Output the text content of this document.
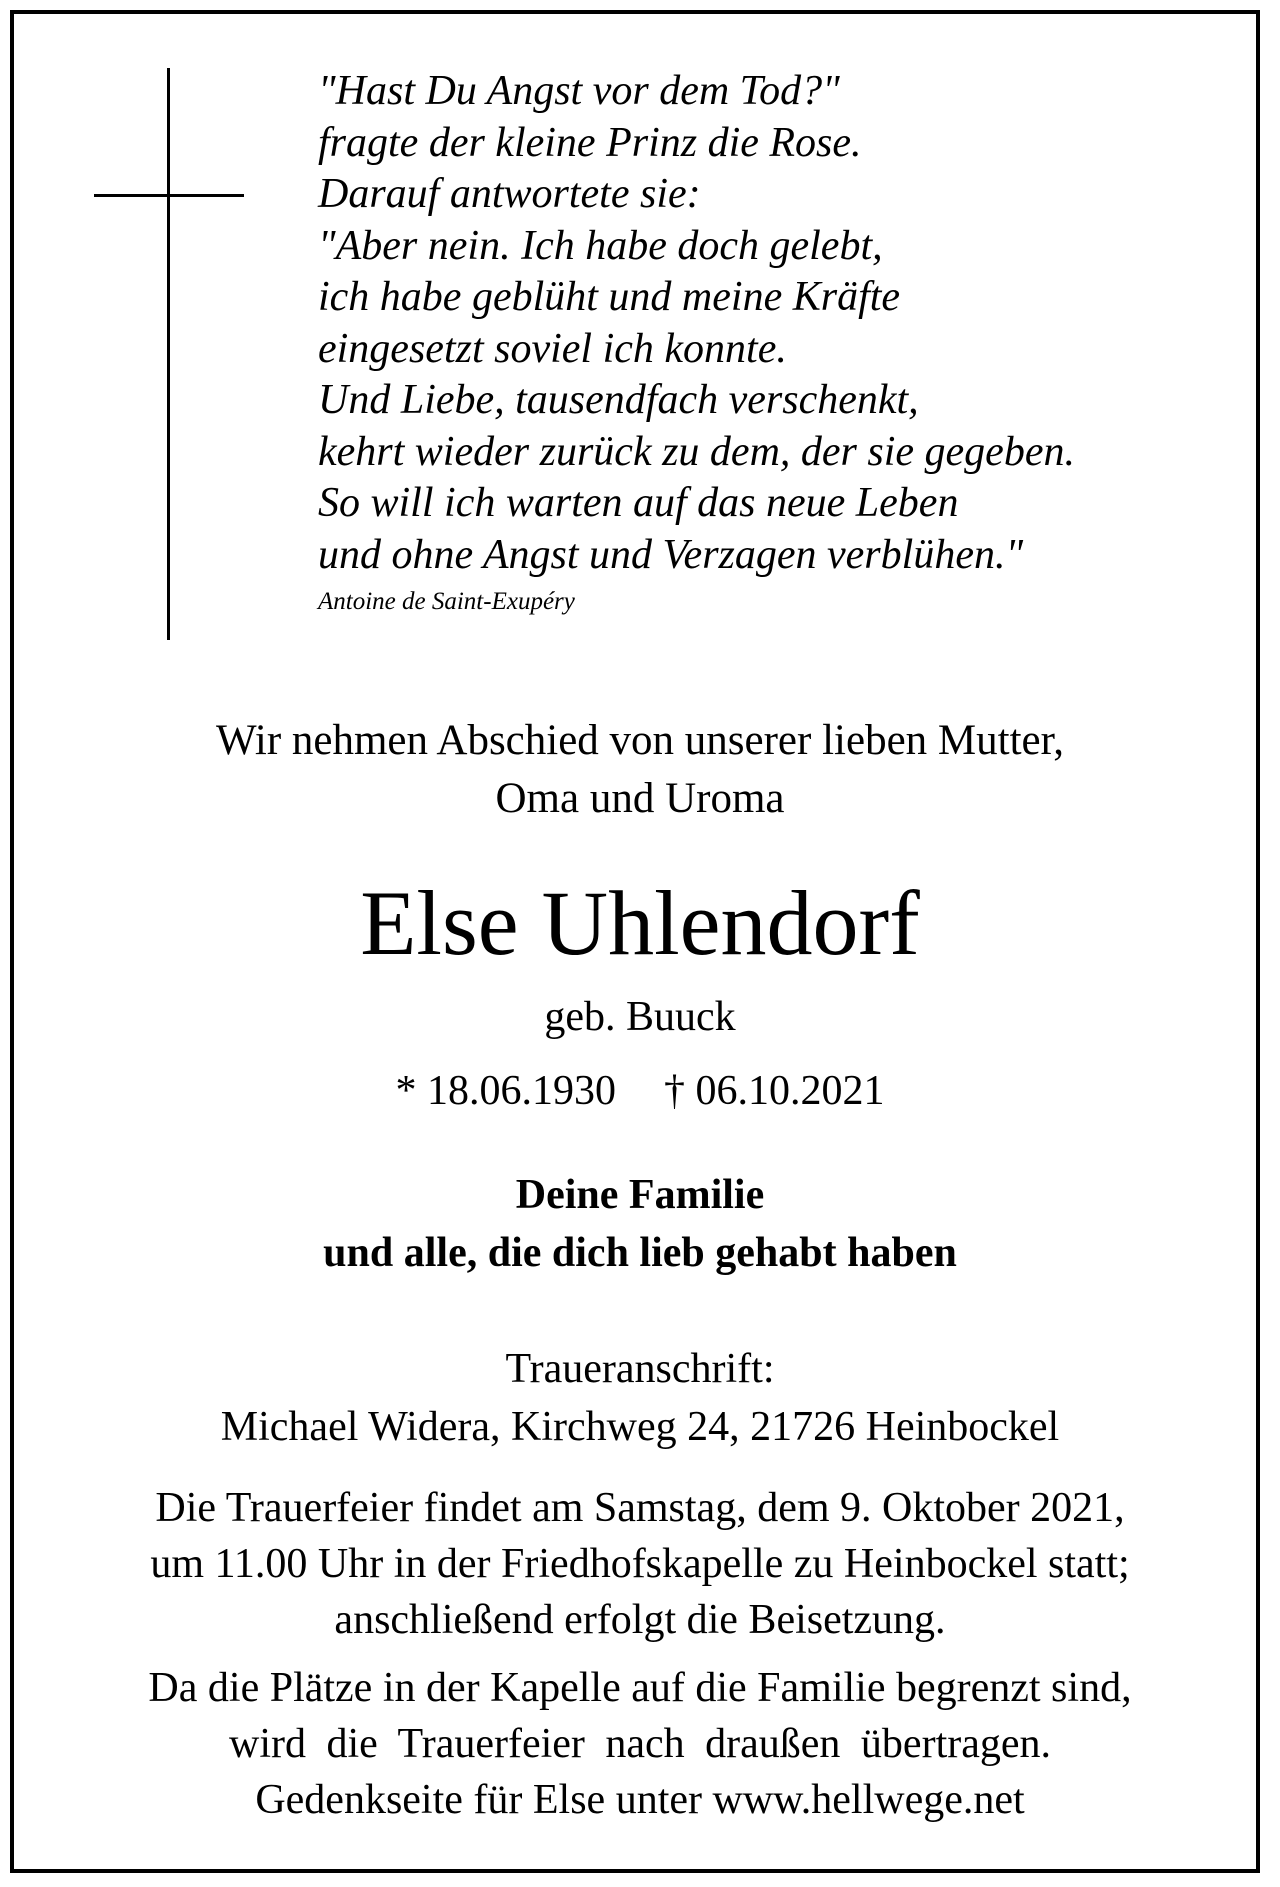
"Hast Du Angst vor dem Tod?"
fragte der kleine Prinz die Rose.
Darauf antwortete sie:
"Aber nein. Ich habe doch gelebt,
ich habe geblüht und meine Kräfte
eingesetzt soviel ich konnte.
Und Liebe, tausendfach verschenkt,
kehrt wieder zurück zu dem, der sie gegeben.
So will ich warten auf das neue Leben
und ohne Angst und Verzagen verblühen."
Antoine de Saint-Exupéry
Wir nehmen Abschied von unserer lieben Mutter,
Oma und Uroma
Else Uhlendorf
geb. Buuck
* 18.06.1930 † 06.10.2021
Deine Familie
und alle, die dich lieb gehabt haben
Traueranschrift:
Michael Widera, Kirchweg 24, 21726 Heinbockel
Die Trauerfeier findet am Samstag, dem 9. Oktober 2021,
um 11.00 Uhr in der Friedhofskapelle zu Heinbockel statt;
anschließend erfolgt die Beisetzung.
Da die Plätze in der Kapelle auf die Familie begrenzt sind,
wird die Trauerfeier nach draußen übertragen.
Gedenkseite für Else unter www.hellwege.net
